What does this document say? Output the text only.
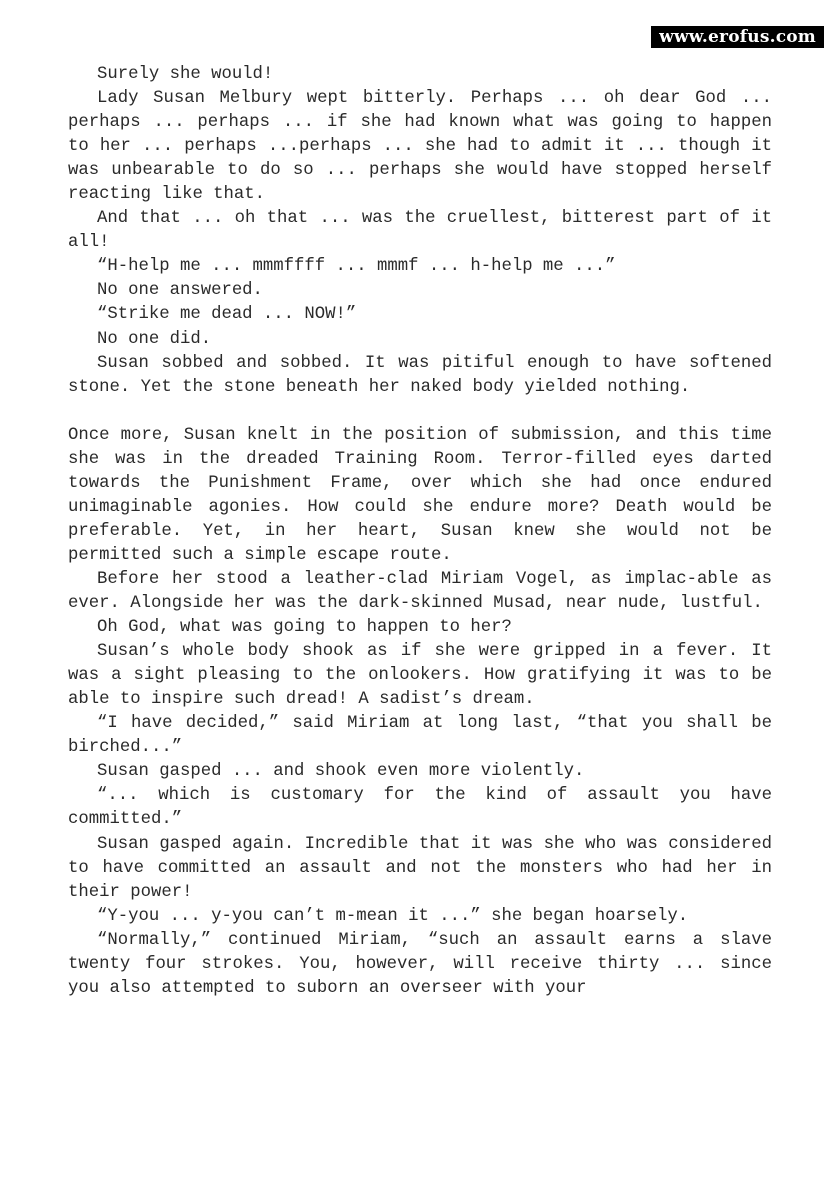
www.erofus.com

Surely she would!

Lady Susan Melbury wept bitterly. Perhaps ... oh dear God ... perhaps ... perhaps ... if she had known what was going to happen to her ... perhaps ...perhaps ... she had to admit it ... though it was unbearable to do so ... perhaps she would have stopped herself reacting like that.

And that ... oh that ... was the cruellest, bitterest part of it all!

“H-help me ... mmmffff ... mmmf ... h-help me ...”

No one answered.

“Strike me dead ... NOW!”

No one did.

Susan sobbed and sobbed. It was pitiful enough to have softened stone. Yet the stone beneath her naked body yielded nothing.

Once more, Susan knelt in the position of submission, and this time she was in the dreaded Training Room. Terror-filled eyes darted towards the Punishment Frame, over which she had once endured unimaginable agonies. How could she endure more? Death would be preferable. Yet, in her heart, Susan knew she would not be permitted such a simple escape route.

Before her stood a leather-clad Miriam Vogel, as implac-able as ever. Alongside her was the dark-skinned Musad, near nude, lustful.

Oh God, what was going to happen to her?

Susan’s whole body shook as if she were gripped in a fever. It was a sight pleasing to the onlookers. How gratifying it was to be able to inspire such dread! A sadist’s dream.

“I have decided,” said Miriam at long last, “that you shall be birched...”

Susan gasped ... and shook even more violently.

“... which is customary for the kind of assault you have committed.”

Susan gasped again. Incredible that it was she who was considered to have committed an assault and not the monsters who had her in their power!

“Y-you ... y-you can’t m-mean it ...” she began hoarsely.

“Normally,” continued Miriam, “such an assault earns a slave twenty four strokes. You, however, will receive thirty ... since you also attempted to suborn an overseer with your
